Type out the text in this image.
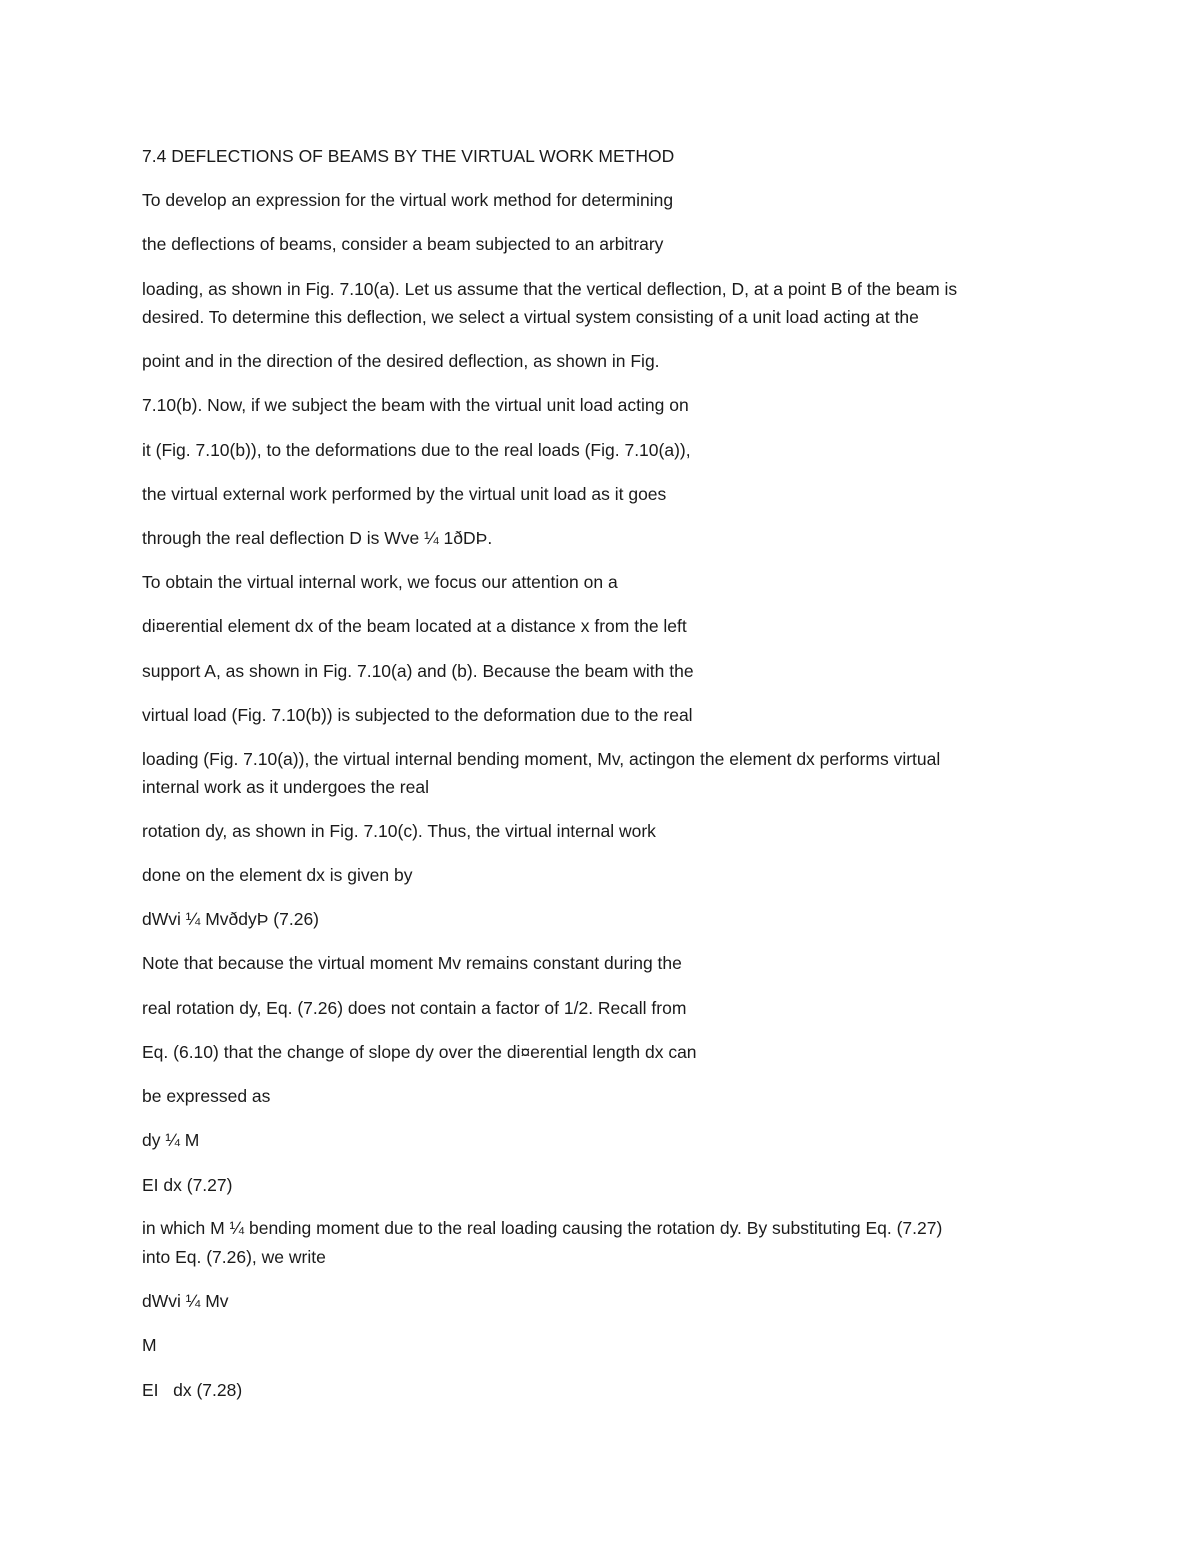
7.4 DEFLECTIONS OF BEAMS BY THE VIRTUAL WORK METHOD
To develop an expression for the virtual work method for determining
the deflections of beams, consider a beam subjected to an arbitrary
loading, as shown in Fig. 7.10(a). Let us assume that the vertical deflection, D, at a point B of the beam is
desired. To determine this deflection, we select a virtual system consisting of a unit load acting at the
point and in the direction of the desired deflection, as shown in Fig.
7.10(b). Now, if we subject the beam with the virtual unit load acting on
it (Fig. 7.10(b)), to the deformations due to the real loads (Fig. 7.10(a)),
the virtual external work performed by the virtual unit load as it goes
through the real deflection D is Wve ¼ 1ðDÞ.
To obtain the virtual internal work, we focus our attention on a
di¤erential element dx of the beam located at a distance x from the left
support A, as shown in Fig. 7.10(a) and (b). Because the beam with the
virtual load (Fig. 7.10(b)) is subjected to the deformation due to the real
loading (Fig. 7.10(a)), the virtual internal bending moment, Mv, actingon the element dx performs virtual
internal work as it undergoes the real
rotation dy, as shown in Fig. 7.10(c). Thus, the virtual internal work
done on the element dx is given by
dWvi ¼ MvðdyÞ (7.26)
Note that because the virtual moment Mv remains constant during the
real rotation dy, Eq. (7.26) does not contain a factor of 1/2. Recall from
Eq. (6.10) that the change of slope dy over the di¤erential length dx can
be expressed as
dy ¼ M
EI dx (7.27)
in which M ¼ bending moment due to the real loading causing the rotation dy. By substituting Eq. (7.27)
into Eq. (7.26), we write
dWvi ¼ Mv
M
EI   dx (7.28)
